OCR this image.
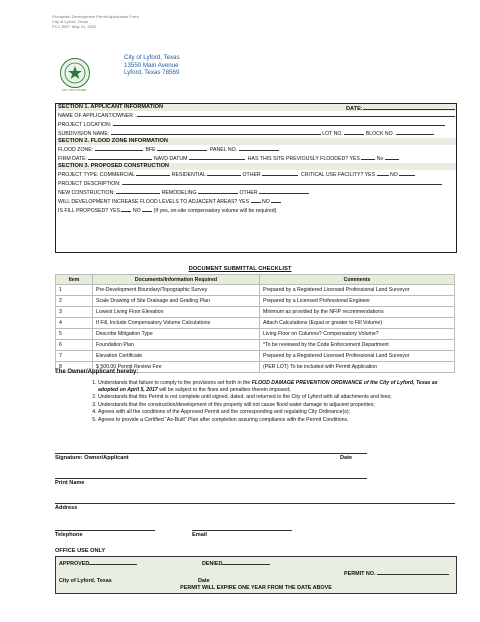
Floodplain Development Permit Application Form
City of Lyford, Texas
PCC-REF: May 21, 2020
CITY OF LYFORD
City of Lyford, Texas
13550 Main Avenue
Lyford, Texas 78569
SECTION 1. APPLICANT INFORMATION	DATE:
NAME OF APPLICANT/OWNER :
PROJECT LOCATION:
SUBDIVISION NAME:	LOT NO.	BLOCK NO.
SECTION 2. FLOOD ZONE INFORMATION
FLOOD ZONE:	BFE	PANEL NO.
FIRM DATE:	NAVD DATUM	HAS THIS SITE PREVIOUSLY FLOODED? YES	No
SECTION 3. PROPOSED CONSTRUCTION
PROJECT TYPE: COMMERCIAL	RESIDENTIAL	OTHER	CRITICAL USE FACILITY? YES	NO
PROJECT DESCRIPTION:
NEW CONSTRUCTION:	REMODELING	OTHER
WILL DEVELOPMENT INCREASE FLOOD LEVELS TO ADJACENT AREAS? YES NO
IS FILL PROPOSED? YES NO (If yes, on-site compensatory volume will be required)
DOCUMENT SUBMITTAL CHECKLIST
Item	Documents/Information Required	Comments
1	Pre-Development Boundary/Topographic Survey	Prepared by a Registered Licensed Professional Land Surveyor
2	Scale Drawing of Site Drainage and Grading Plan	Prepared by a Licensed Professional Engineer
3	Lowest Living Floor Elevation	Minimum as provided by the NFIP recommendations
4	If Fill, Include Compensatory Volume Calculations	Attach Calculations (Equal or greater to Fill Volume)
5	Describe Mitigation Type	Living Floor on Columns? Compensatory Volume?
6	Foundation Plan	*To be reviewed by the Code Enforcement Department
7	Elevation Certificate	Prepared by a Registered Licensed Professional Land Surveyor
8	$ 500.00 Permit Review Fee	(PER LOT) To be included with Permit Application
The Owner/Applicant hereby:
1. Understands that failure to comply to the provisions set forth in the FLOOD DAMAGE PREVENTION ORDINANCE of the City of Lyford, Texas as adopted on April 5, 2017 will be subject to the fines and penalties therein imposed;
2. Understands that this Permit is not complete until signed, dated, and returned to the City of Lyford with all attachments and fees;
3. Understands that the construction/development of this property will not cause flood water damage to adjacent properties;
4. Agrees with all the conditions of the Approved Permit and the corresponding and regulating City Ordinance(s);
5. Agrees to provide a Certified “As-Built” Plan after completion assuring compliance with the Permit Conditions.
Signature: Owner/Applicant	Date
Print Name
Address
Telephone	Email
OFFICE USE ONLY
APPROVED	DENIED
PERMIT NO.
City of Lyford, Texas	Date
PERMIT WILL EXPIRE ONE YEAR FROM THE DATE ABOVE
